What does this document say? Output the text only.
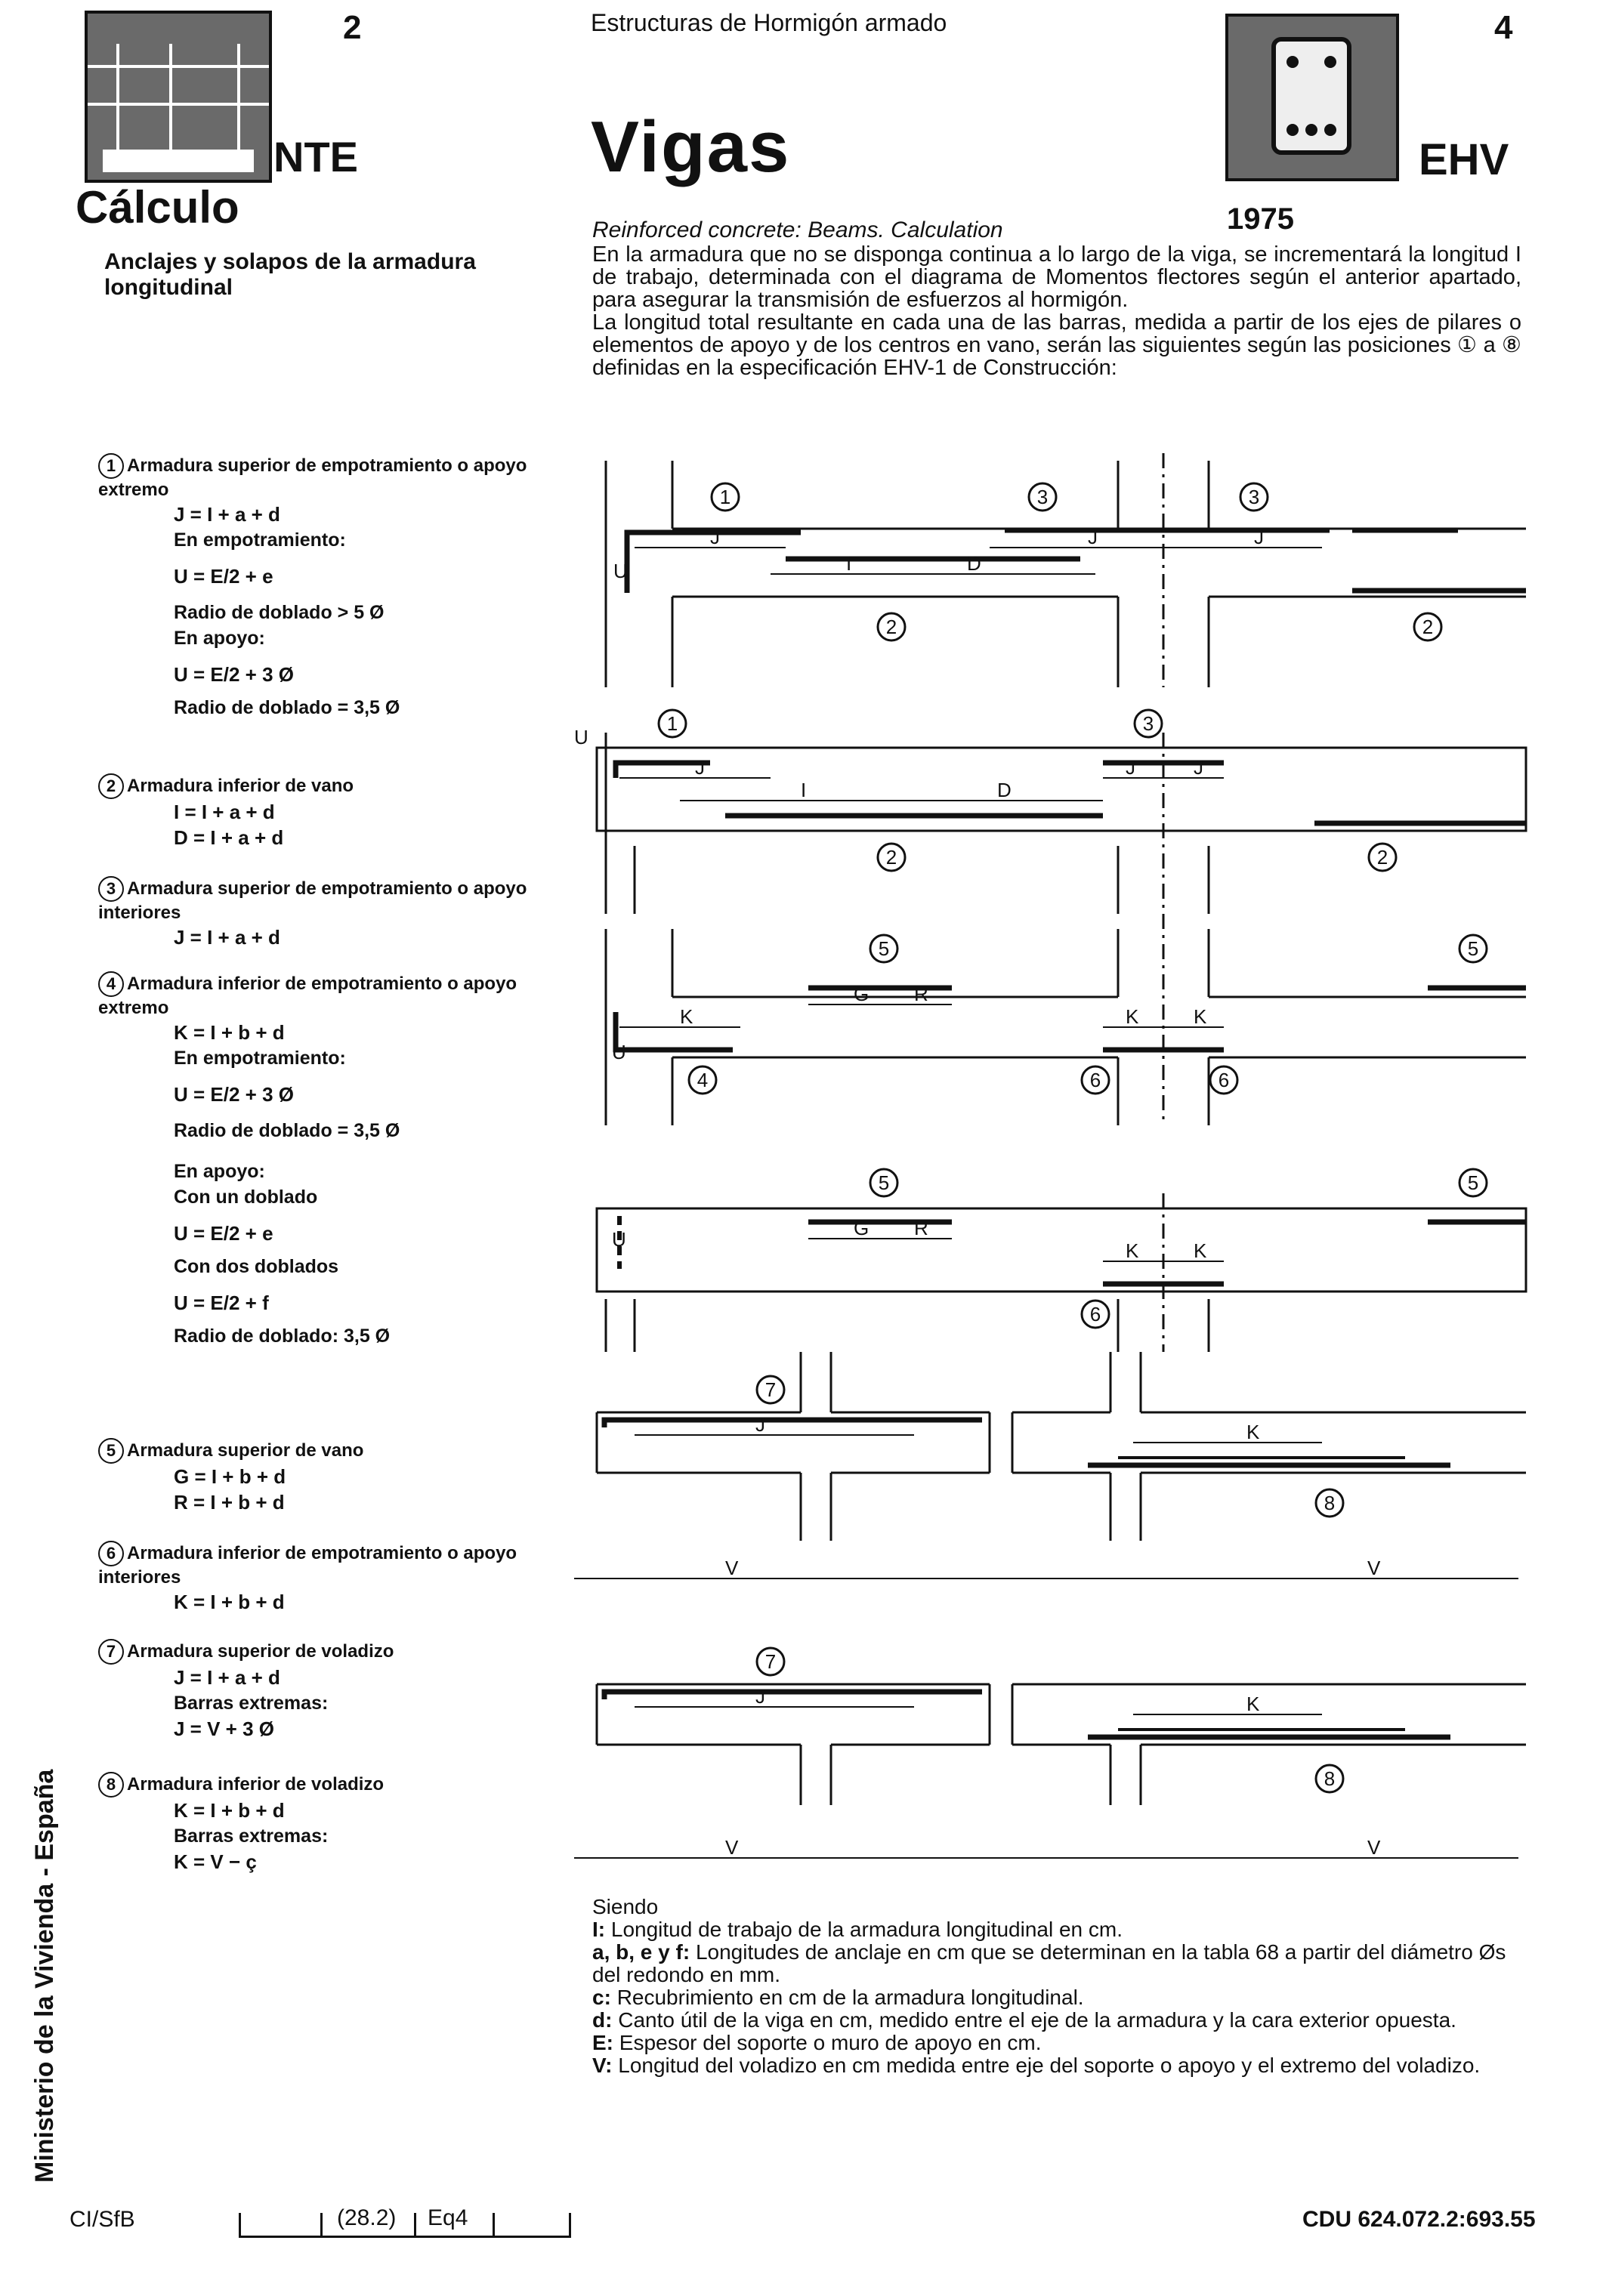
2
NTE
Cálculo
Estructuras de Hormigón armado
Vigas
Reinforced concrete: Beams. Calculation	1975
4
EHV
Anclajes y solapos de la armadura longitudinal
1 Armadura superior de empotramiento o apoyo extremo
J = I + a + d
En empotramiento:
U = E/2 + e
Radio de doblado > 5 Ø
En apoyo:
U = E/2 + 3 Ø
Radio de doblado = 3,5 Ø
2 Armadura inferior de vano
I = I + a + d
D = I + a + d
3 Armadura superior de empotramiento o apoyo interiores
J = I + a + d
4 Armadura inferior de empotramiento o apoyo extremo
K = I + b + d
En empotramiento:
U = E/2 + 3 Ø
Radio de doblado = 3,5 Ø
En apoyo:
Con un doblado
U = E/2 + e
Con dos doblados
U = E/2 + f
Radio de doblado: 3,5 Ø
5 Armadura superior de vano
G = I + b + d
R = I + b + d
6 Armadura inferior de empotramiento o apoyo interiores
K = I + b + d
7 Armadura superior de voladizo
J = I + a + d
Barras extremas:
J = V + 3 Ø
8 Armadura inferior de voladizo
K = I + b + d
Barras extremas:
K = V − ç

En la armadura que no se disponga continua a lo largo de la viga, se incrementará la longitud I de trabajo, determinada con el diagrama de Momentos flectores según el anterior apartado, para asegurar la transmisión de esfuerzos al hormigón.

La longitud total resultante en cada una de las barras, medida a partir de los ejes de pilares o elementos de apoyo y de los centros en vano, serán las siguientes según las posiciones ① a ⑧ definidas en la especificación EHV-1 de Construcción:

1	3	3
2	2
1	3
2	2
5	5
4	6	6
5	5
6
7
8
7
8
J	J	J
I	D
U
U
J	J	J
I	D
G R
K	K	K
U
G R
K	K
U
J	K
V	V
J	K
V	V

Siendo

I: Longitud de trabajo de la armadura longitudinal en cm.

a, b, e y f: Longitudes de anclaje en cm que se determinan en la tabla 68 a partir del diámetro Øs del redondo en mm.

c: Recubrimiento en cm de la armadura longitudinal.

d: Canto útil de la viga en cm, medido entre el eje de la armadura y la cara exterior opuesta.

E: Espesor del soporte o muro de apoyo en cm.

V: Longitud del voladizo en cm medida entre eje del soporte o apoyo y el extremo del voladizo.

Ministerio de la Vivienda - España
CI/SfB	(28.2) Eq4	CDU 624.072.2:693.55
